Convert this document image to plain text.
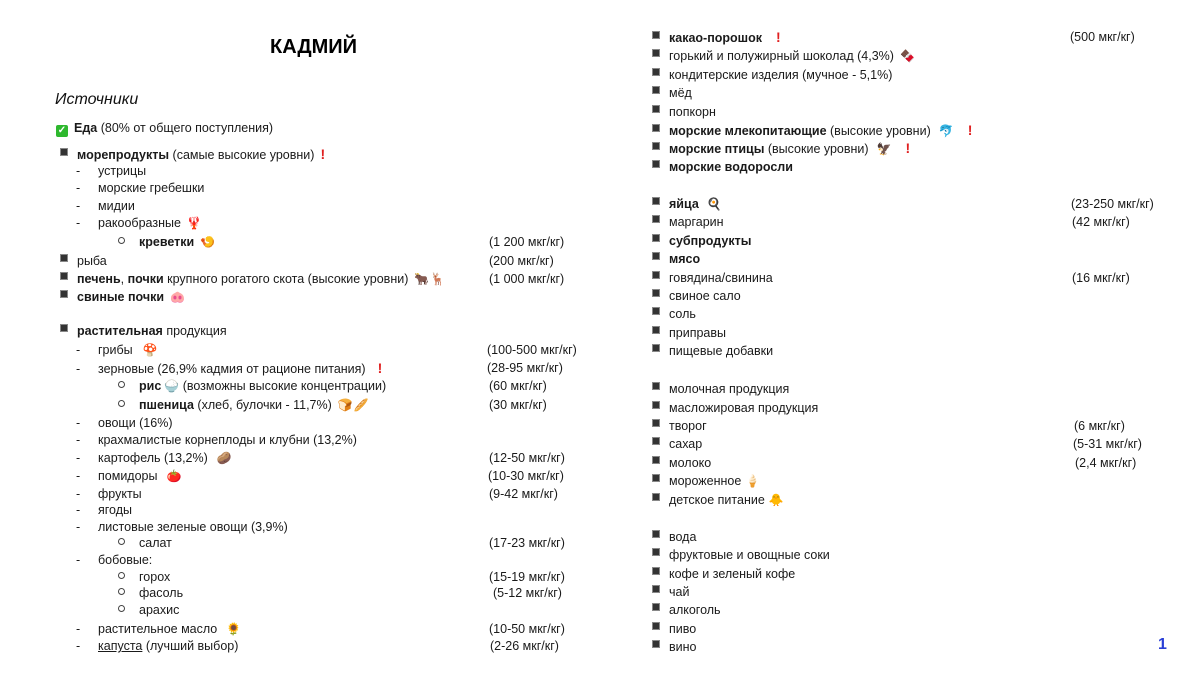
КАДМИЙ
Источники
✓ Еда (80% от общего поступления)
морепродукты (самые высокие уровни) !
- устрицы
- морские гребешки
- мидии
- ракообразные 🦞
креветки 🍤	(1 200 мкг/кг)
рыба	(200 мкг/кг)
печень, почки крупного рогатого скота (высокие уровни) 🐂🦌	(1 000 мкг/кг)
свиные почки 🐽
растительная продукция
- грибы 🍄	(100-500 мкг/кг)
- зерновые (26,9% кадмия от рационе питания) !	(28-95 мкг/кг)
рис 🍚 (возможны высокие концентрации)	(60 мкг/кг)
пшеница (хлеб, булочки - 11,7%) 🍞🥖	(30 мкг/кг)
- овощи (16%)
- крахмалистые корнеплоды и клубни (13,2%)
- картофель (13,2%) 🥔	(12-50 мкг/кг)
- помидоры 🍅	(10-30 мкг/кг)
- фрукты	(9-42 мкг/кг)
- ягоды
- листовые зеленые овощи (3,9%)
салат	(17-23 мкг/кг)
- бобовые:
горох	(15-19 мкг/кг)
фасоль	(5-12 мкг/кг)
арахис
- растительное масло 🌻	(10-50 мкг/кг)
- капуста (лучший выбор)	(2-26 мкг/кг)
какао-порошок !	(500 мкг/кг)
горький и полужирный шоколад (4,3%) 🍫
кондитерские изделия (мучное - 5,1%)
мёд
попкорн
морские млекопитающие (высокие уровни) 🐬 !
морские птицы (высокие уровни) 🦅 !
морские водоросли
яйца 🍳	(23-250 мкг/кг)
маргарин	(42 мкг/кг)
субпродукты
мясо
говядина/свинина	(16 мкг/кг)
свиное сало
соль
приправы
пищевые добавки
молочная продукция
масложировая продукция
творог	(6 мкг/кг)
сахар	(5-31 мкг/кг)
молоко	(2,4 мкг/кг)
мороженное 🍦
детское питание 🐥
вода
фруктовые и овощные соки
кофе и зеленый кофе
чай
алкоголь
пиво
вино	1
